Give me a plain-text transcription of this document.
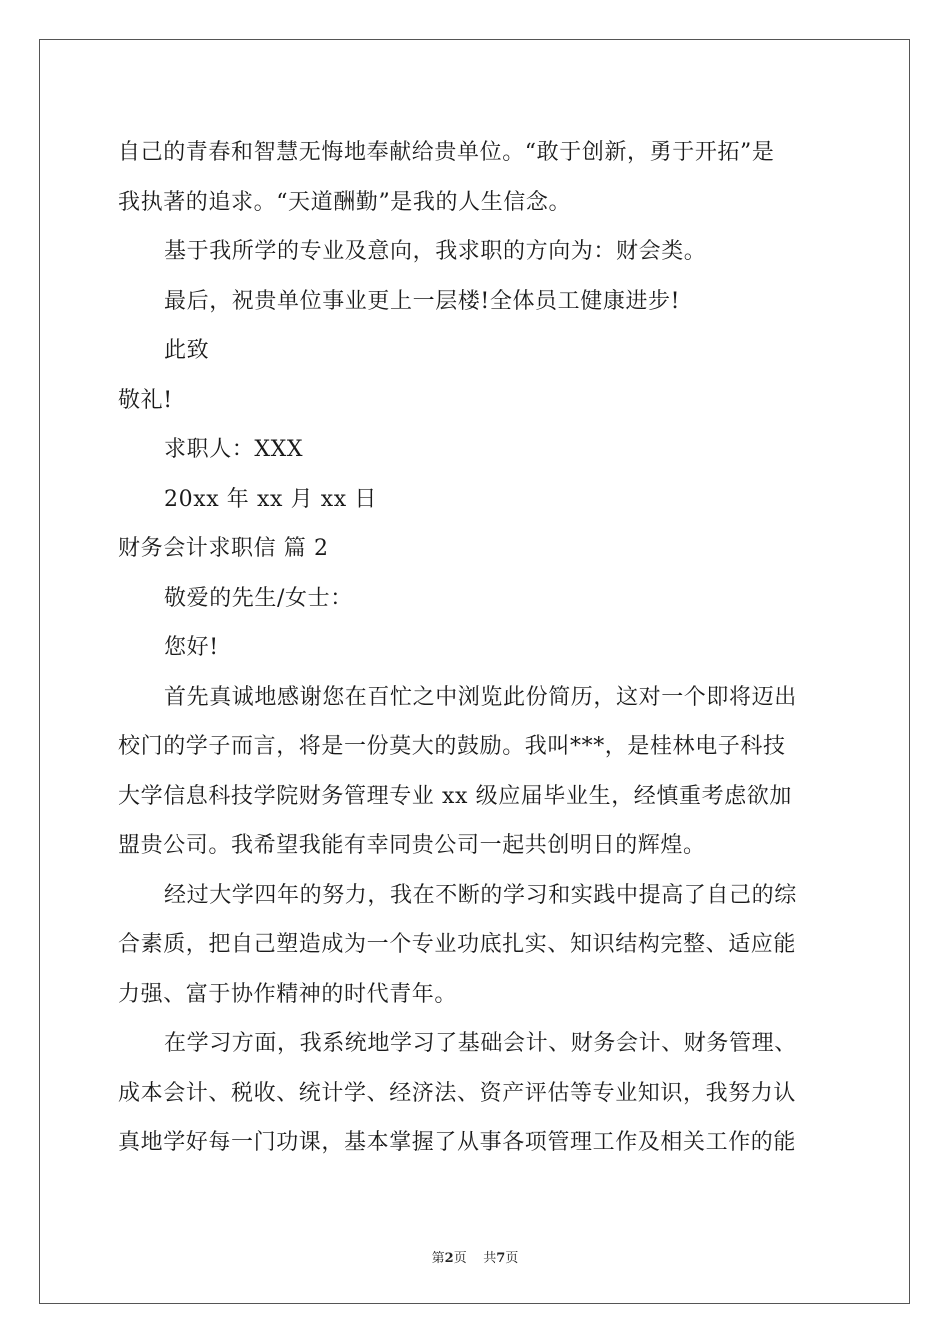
自己的青春和智慧无悔地奉献给贵单位。“敢于创新，勇于开拓”是
我执著的追求。“天道酬勤”是我的人生信念。
基于我所学的专业及意向，我求职的方向为：财会类。
最后，祝贵单位事业更上一层楼!全体员工健康进步!
此致
敬礼!
求职人：XXX
20xx 年 xx 月 xx 日
财务会计求职信 篇 2
敬爱的先生/女士：
您好!
首先真诚地感谢您在百忙之中浏览此份简历，这对一个即将迈出
校门的学子而言，将是一份莫大的鼓励。我叫***，是桂林电子科技
大学信息科技学院财务管理专业 xx 级应届毕业生，经慎重考虑欲加
盟贵公司。我希望我能有幸同贵公司一起共创明日的辉煌。
经过大学四年的努力，我在不断的学习和实践中提高了自己的综
合素质，把自己塑造成为一个专业功底扎实、知识结构完整、适应能
力强、富于协作精神的时代青年。
在学习方面，我系统地学习了基础会计、财务会计、财务管理、
成本会计、税收、统计学、经济法、资产评估等专业知识，我努力认
真地学好每一门功课，基本掌握了从事各项管理工作及相关工作的能
第2页 共7页
